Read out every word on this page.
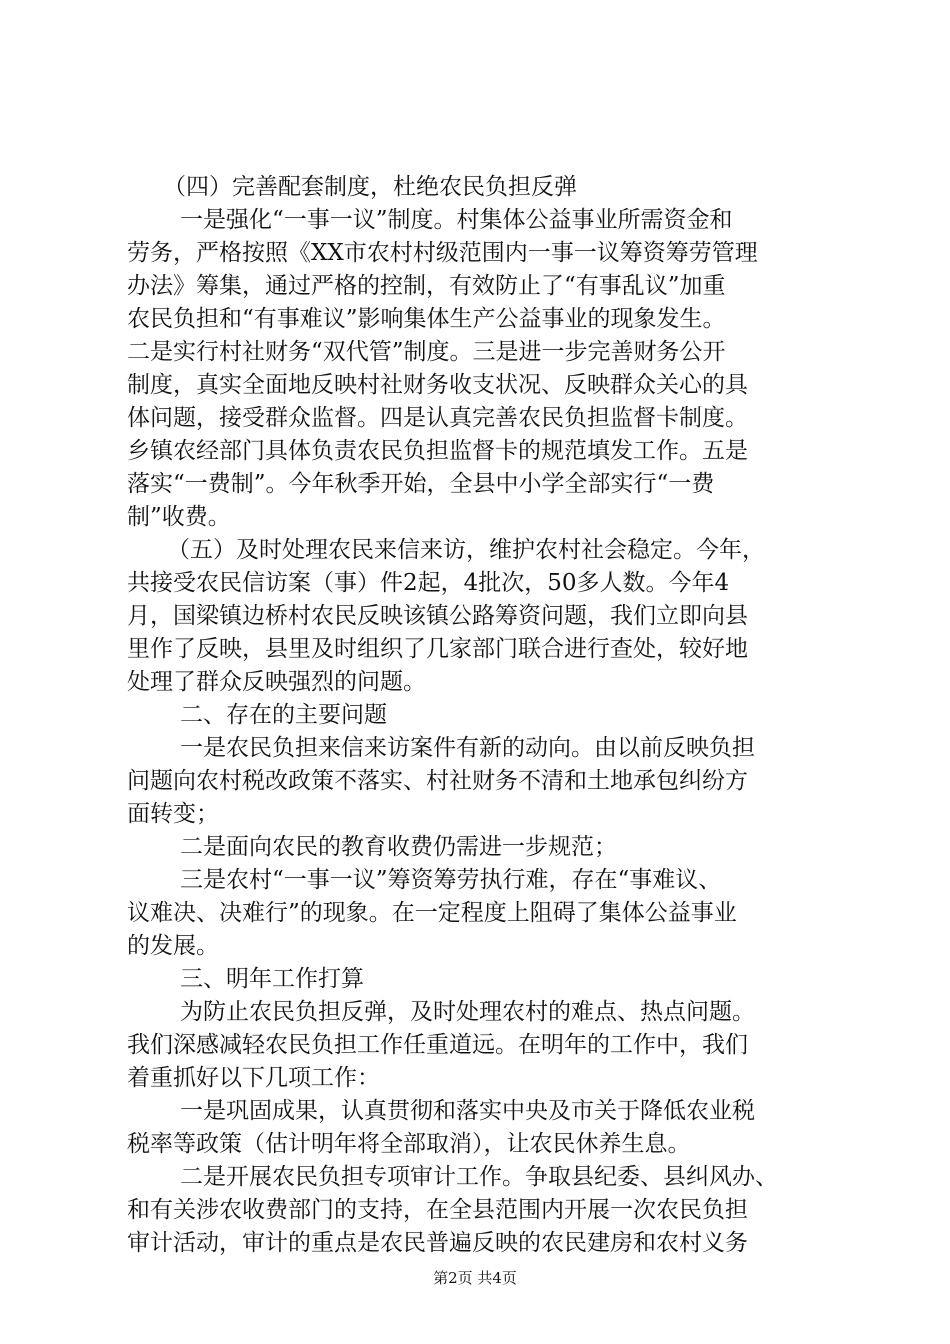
（四）完善配套制度，杜绝农民负担反弹
一是强化“一事一议”制度。村集体公益事业所需资金和
劳务，严格按照《XX市农村村级范围内一事一议筹资筹劳管理
办法》筹集，通过严格的控制，有效防止了“有事乱议”加重
农民负担和“有事难议”影响集体生产公益事业的现象发生。
二是实行村社财务“双代管”制度。三是进一步完善财务公开
制度，真实全面地反映村社财务收支状况、反映群众关心的具
体问题，接受群众监督。四是认真完善农民负担监督卡制度。
乡镇农经部门具体负责农民负担监督卡的规范填发工作。五是
落实“一费制”。今年秋季开始，全县中小学全部实行“一费
制”收费。
（五）及时处理农民来信来访，维护农村社会稳定。今年，
共接受农民信访案（事）件2起，4批次，50多人数。今年4
月，国梁镇边桥村农民反映该镇公路筹资问题，我们立即向县
里作了反映，县里及时组织了几家部门联合进行查处，较好地
处理了群众反映强烈的问题。
二、存在的主要问题
一是农民负担来信来访案件有新的动向。由以前反映负担
问题向农村税改政策不落实、村社财务不清和土地承包纠纷方
面转变；
二是面向农民的教育收费仍需进一步规范；
三是农村“一事一议”筹资筹劳执行难，存在“事难议、
议难决、决难行”的现象。在一定程度上阻碍了集体公益事业
的发展。
三、明年工作打算
为防止农民负担反弹，及时处理农村的难点、热点问题。
我们深感减轻农民负担工作任重道远。在明年的工作中，我们
着重抓好以下几项工作：
一是巩固成果，认真贯彻和落实中央及市关于降低农业税
税率等政策（估计明年将全部取消），让农民休养生息。
二是开展农民负担专项审计工作。争取县纪委、县纠风办、
和有关涉农收费部门的支持，在全县范围内开展一次农民负担
审计活动，审计的重点是农民普遍反映的农民建房和农村义务
第2页 共4页
